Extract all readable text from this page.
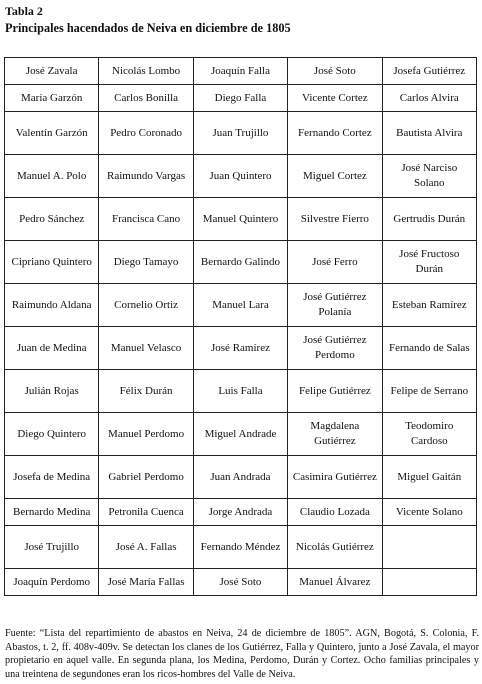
Tabla 2
Principales hacendados de Neiva en diciembre de 1805
José Zavala	Nicolás Lombo	Joaquín Falla	José Soto	Josefa Gutiérrez
María Garzón	Carlos Bonilla	Diego Falla	Vicente Cortez	Carlos Alvira
Valentín Garzón	Pedro Coronado	Juan Trujillo	Fernando Cortez	Bautista Alvira
Manuel A. Polo	Raimundo Vargas	Juan Quintero	Miguel Cortez	José Narciso Solano
Pedro Sánchez	Francisca Cano	Manuel Quintero	Silvestre Fierro	Gertrudis Durán
Cipriano Quintero	Diego Tamayo	Bernardo Galindo	José Ferro	José Fructoso Durán
Raimundo Aldana	Cornelio Ortiz	Manuel Lara	José Gutiérrez Polanía	Esteban Ramírez
Juan de Medina	Manuel Velasco	José Ramírez	José Gutiérrez Perdomo	Fernando de Salas
Julián Rojas	Félix Durán	Luis Falla	Felipe Gutiérrez	Felipe de Serrano
Diego Quintero	Manuel Perdomo	Miguel Andrade	Magdalena Gutiérrez	Teodomiro Cardoso
Josefa de Medina	Gabriel Perdomo	Juan Andrada	Casimira Gutiérrez	Miguel Gaitán
Bernardo Medina	Petronila Cuenca	Jorge Andrada	Claudio Lozada	Vicente Solano
José Trujillo	José A. Fallas	Fernando Méndez	Nicolás Gutiérrez	
Joaquín Perdomo	José María Fallas	José Soto	Manuel Álvarez	
Fuente: “Lista del repartimiento de abastos en Neiva, 24 de diciembre de 1805”. AGN, Bogotá, S. Colonia, F. Abastos, t. 2, ff. 408v-409v. Se detectan los clanes de los Gutiérrez, Falla y Quintero, junto a José Zavala, el mayor propietario en aquel valle. En segunda plana, los Medina, Perdomo, Durán y Cortez. Ocho familias principales y una treintena de segundones eran los ricos-hombres del Valle de Neiva.
